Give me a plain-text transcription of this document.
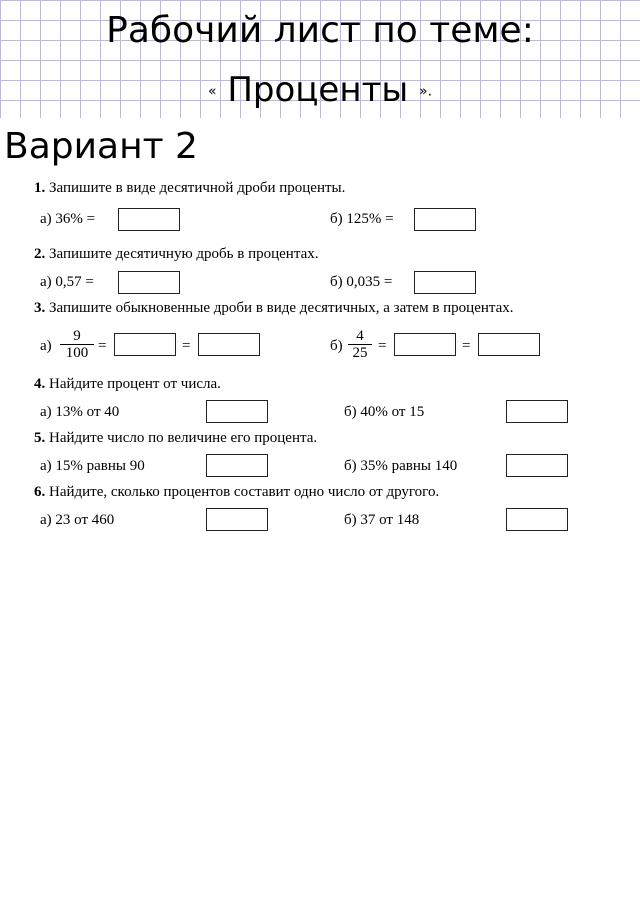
Рабочий лист по теме:
« Проценты ».
Вариант 2
1. Запишите в виде десятичной дроби проценты.
а) 36% =	б) 125% =
2. Запишите десятичную дробь в процентах.
а) 0,57 =	б) 0,035 =
3. Запишите обыкновенные дроби в виде десятичных, а затем в процентах.
$а) \frac{9}{100}$ =	=	$б) \frac{4}{25}$ =	=
4. Найдите процент от числа.
а) 13% от 40	б) 40% от 15
5. Найдите число по величине его процента.
а) 15% равны 90	б) 35% равны 140
6. Найдите, сколько процентов составит одно число от другого.
а) 23 от 460	б) 37 от 148
